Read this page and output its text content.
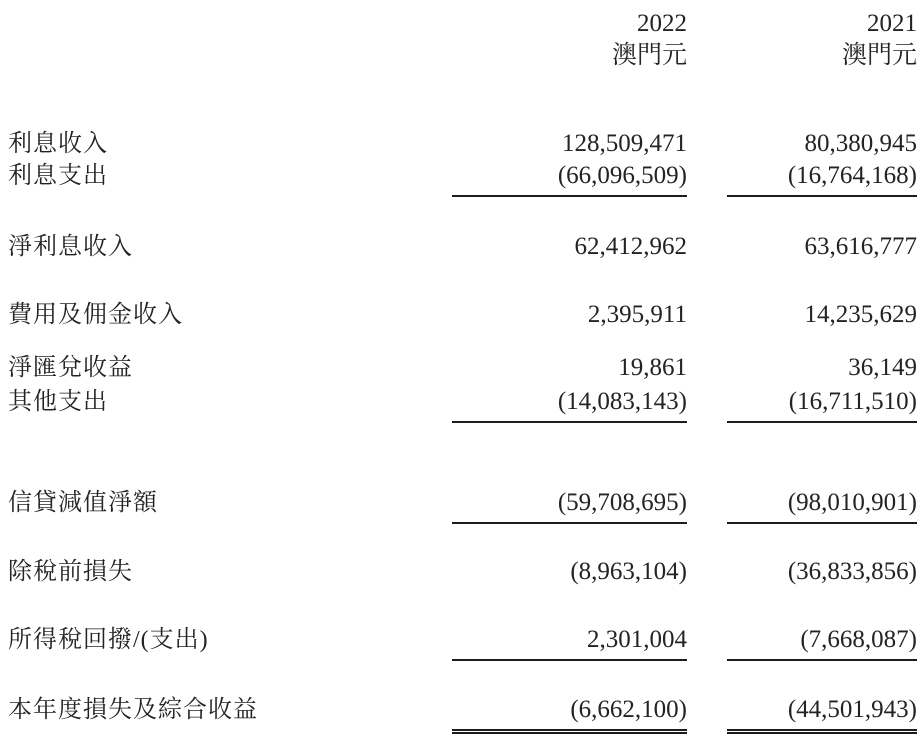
2022	2021
澳門元	澳門元
利息收入	128,509,471	80,380,945
利息支出	(66,096,509)	(16,764,168)
淨利息收入	62,412,962	63,616,777
費用及佣金收入	2,395,911	14,235,629
淨匯兌收益	19,861	36,149
其他支出	(14,083,143)	(16,711,510)
信貸減值淨額	(59,708,695)	(98,010,901)
除稅前損失	(8,963,104)	(36,833,856)
所得稅回撥/(支出)	2,301,004	(7,668,087)
本年度損失及綜合收益	(6,662,100)	(44,501,943)
